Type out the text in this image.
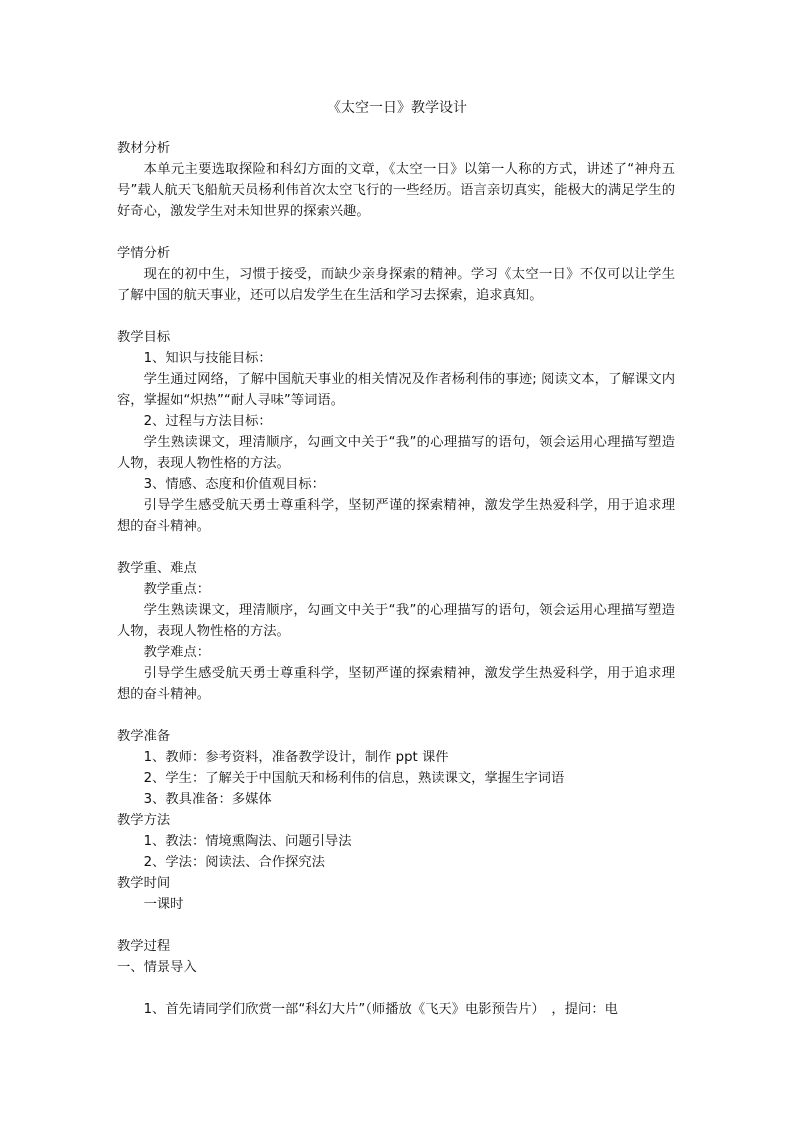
《太空一日》教学设计

教材分析

本单元主要选取探险和科幻方面的文章，《太空一日》以第一人称的方式，讲述了“神舟五号”载人航天飞船航天员杨利伟首次太空飞行的一些经历。语言亲切真实，能极大的满足学生的好奇心，激发学生对未知世界的探索兴趣。

学情分析

现在的初中生，习惯于接受，而缺少亲身探索的精神。学习《太空一日》不仅可以让学生了解中国的航天事业，还可以启发学生在生活和学习去探索，追求真知。

教学目标

1、知识与技能目标：

学生通过网络，了解中国航天事业的相关情况及作者杨利伟的事迹; 阅读文本，了解课文内容，掌握如“炽热”“耐人寻味”等词语。

2、过程与方法目标：

学生熟读课文，理清顺序，勾画文中关于“我”的心理描写的语句，领会运用心理描写塑造人物，表现人物性格的方法。

3、情感、态度和价值观目标：

引导学生感受航天勇士尊重科学，坚韧严谨的探索精神，激发学生热爱科学，用于追求理想的奋斗精神。

教学重、难点

教学重点：

学生熟读课文，理清顺序，勾画文中关于“我”的心理描写的语句，领会运用心理描写塑造人物，表现人物性格的方法。

教学难点：

引导学生感受航天勇士尊重科学，坚韧严谨的探索精神，激发学生热爱科学，用于追求理想的奋斗精神。

教学准备

1、教师：参考资料，准备教学设计，制作 ppt 课件

2、学生：了解关于中国航天和杨利伟的信息，熟读课文，掌握生字词语

3、教具准备：多媒体

教学方法

1、教法：情境熏陶法、问题引导法

2、学法：阅读法、合作探究法

教学时间

一课时

教学过程

一、情景导入

1、首先请同学们欣赏一部“科幻大片”（师播放《飞天》电影预告片）　，提问：电
